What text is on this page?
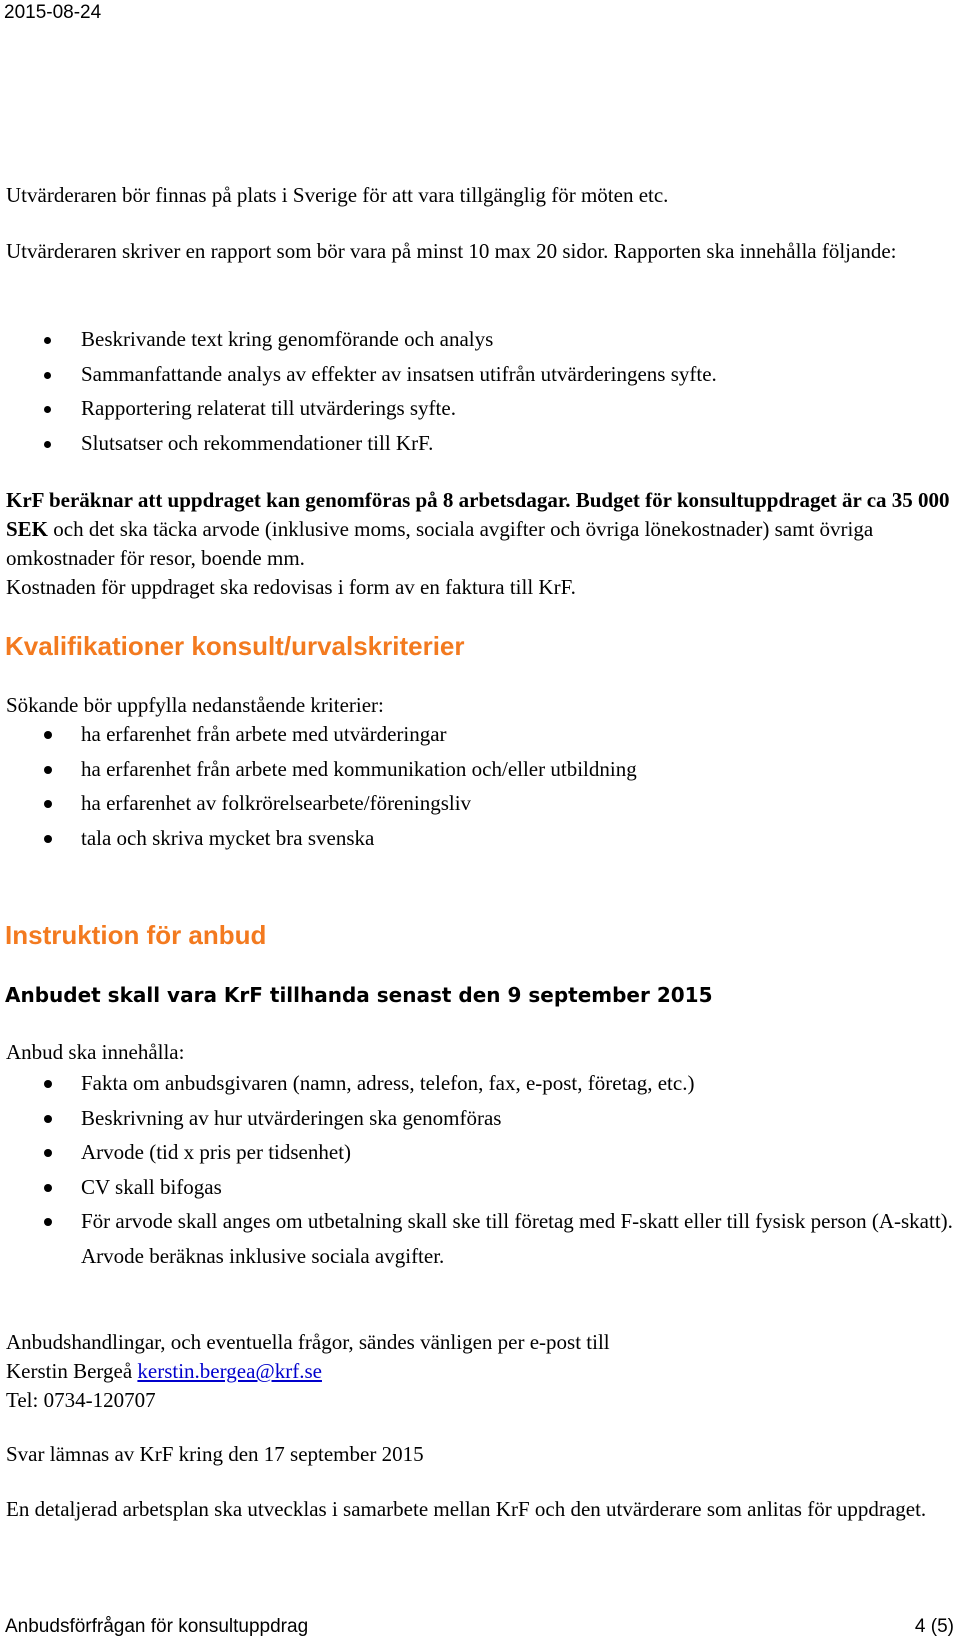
2015-08-24

Utvärderaren bör finnas på plats i Sverige för att vara tillgänglig för möten etc.

Utvärderaren skriver en rapport som bör vara på minst 10 max 20 sidor. Rapporten ska innehålla följande:

Beskrivande text kring genomförande och analys
Sammanfattande analys av effekter av insatsen utifrån utvärderingens syfte.
Rapportering relaterat till utvärderings syfte.
Slutsatser och rekommendationer till KrF.

KrF beräknar att uppdraget kan genomföras på 8 arbetsdagar. Budget för konsultuppdraget är ca 35 000 SEK och det ska täcka arvode (inklusive moms, sociala avgifter och övriga lönekostnader) samt övriga omkostnader för resor, boende mm.
Kostnaden för uppdraget ska redovisas i form av en faktura till KrF.

Kvalifikationer konsult/urvalskriterier

Sökande bör uppfylla nedanstående kriterier:

ha erfarenhet från arbete med utvärderingar
ha erfarenhet från arbete med kommunikation och/eller utbildning
ha erfarenhet av folkrörelsearbete/föreningsliv
tala och skriva mycket bra svenska
Instruktion för anbud
Anbudet skall vara KrF tillhanda senast den 9 september 2015

Anbud ska innehålla:

Fakta om anbudsgivaren (namn, adress, telefon, fax, e-post, företag, etc.)
Beskrivning av hur utvärderingen ska genomföras
Arvode (tid x pris per tidsenhet)
CV skall bifogas
För arvode skall anges om utbetalning skall ske till företag med F-skatt eller till fysisk person (A-skatt). Arvode beräknas inklusive sociala avgifter.

Anbudshandlingar, och eventuella frågor, sändes vänligen per e-post till
Kerstin Bergeå kerstin.bergea@krf.se
Tel: 0734-120707

Svar lämnas av KrF kring den 17 september 2015

En detaljerad arbetsplan ska utvecklas i samarbete mellan KrF och den utvärderare som anlitas för uppdraget.

Anbudsförfrågan för konsultuppdrag	4 (5)
